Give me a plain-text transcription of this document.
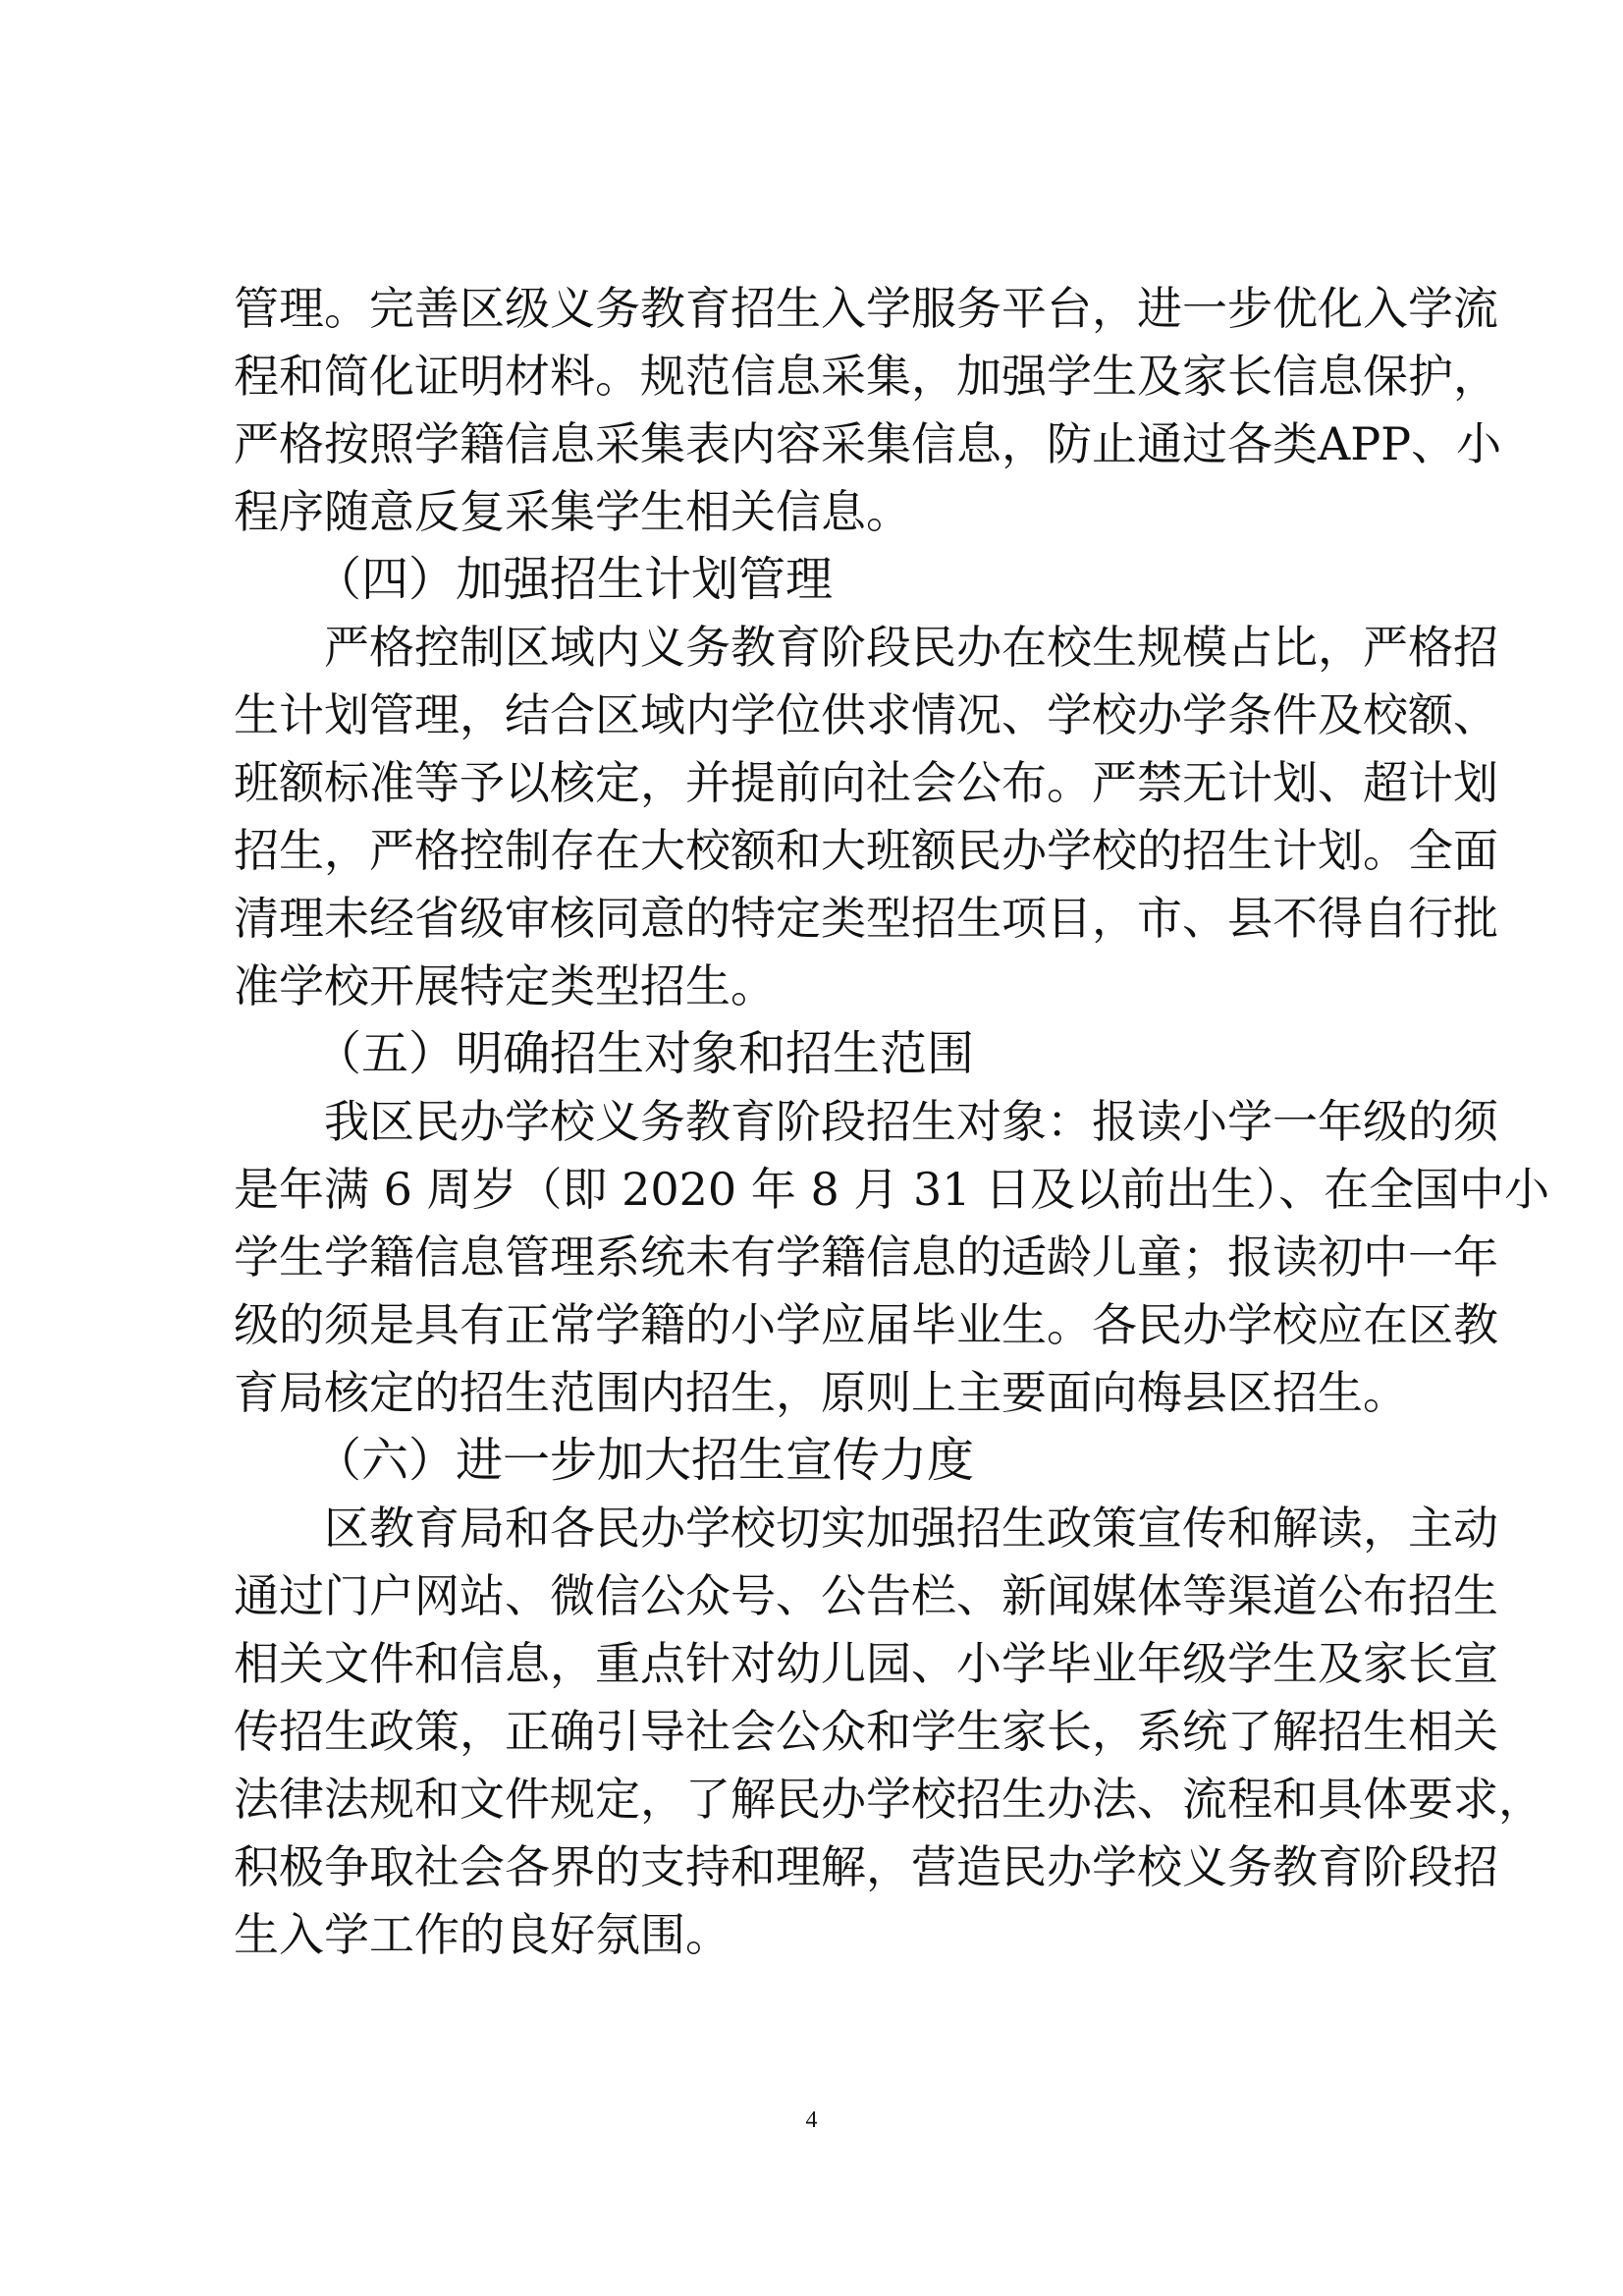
管理。完善区级义务教育招生入学服务平台，进一步优化入学流
程和简化证明材料。规范信息采集，加强学生及家长信息保护，
严格按照学籍信息采集表内容采集信息，防止通过各类APP、小
程序随意反复采集学生相关信息。
（四）加强招生计划管理
严格控制区域内义务教育阶段民办在校生规模占比，严格招
生计划管理，结合区域内学位供求情况、学校办学条件及校额、
班额标准等予以核定，并提前向社会公布。严禁无计划、超计划
招生，严格控制存在大校额和大班额民办学校的招生计划。全面
清理未经省级审核同意的特定类型招生项目，市、县不得自行批
准学校开展特定类型招生。
（五）明确招生对象和招生范围
我区民办学校义务教育阶段招生对象：报读小学一年级的须
是年满 6 周岁（即 2020 年 8 月 31 日及以前出生）、在全国中小
学生学籍信息管理系统未有学籍信息的适龄儿童；报读初中一年
级的须是具有正常学籍的小学应届毕业生。各民办学校应在区教
育局核定的招生范围内招生，原则上主要面向梅县区招生。
（六）进一步加大招生宣传力度
区教育局和各民办学校切实加强招生政策宣传和解读，主动
通过门户网站、微信公众号、公告栏、新闻媒体等渠道公布招生
相关文件和信息，重点针对幼儿园、小学毕业年级学生及家长宣
传招生政策，正确引导社会公众和学生家长，系统了解招生相关
法律法规和文件规定，了解民办学校招生办法、流程和具体要求，
积极争取社会各界的支持和理解，营造民办学校义务教育阶段招
生入学工作的良好氛围。
4
